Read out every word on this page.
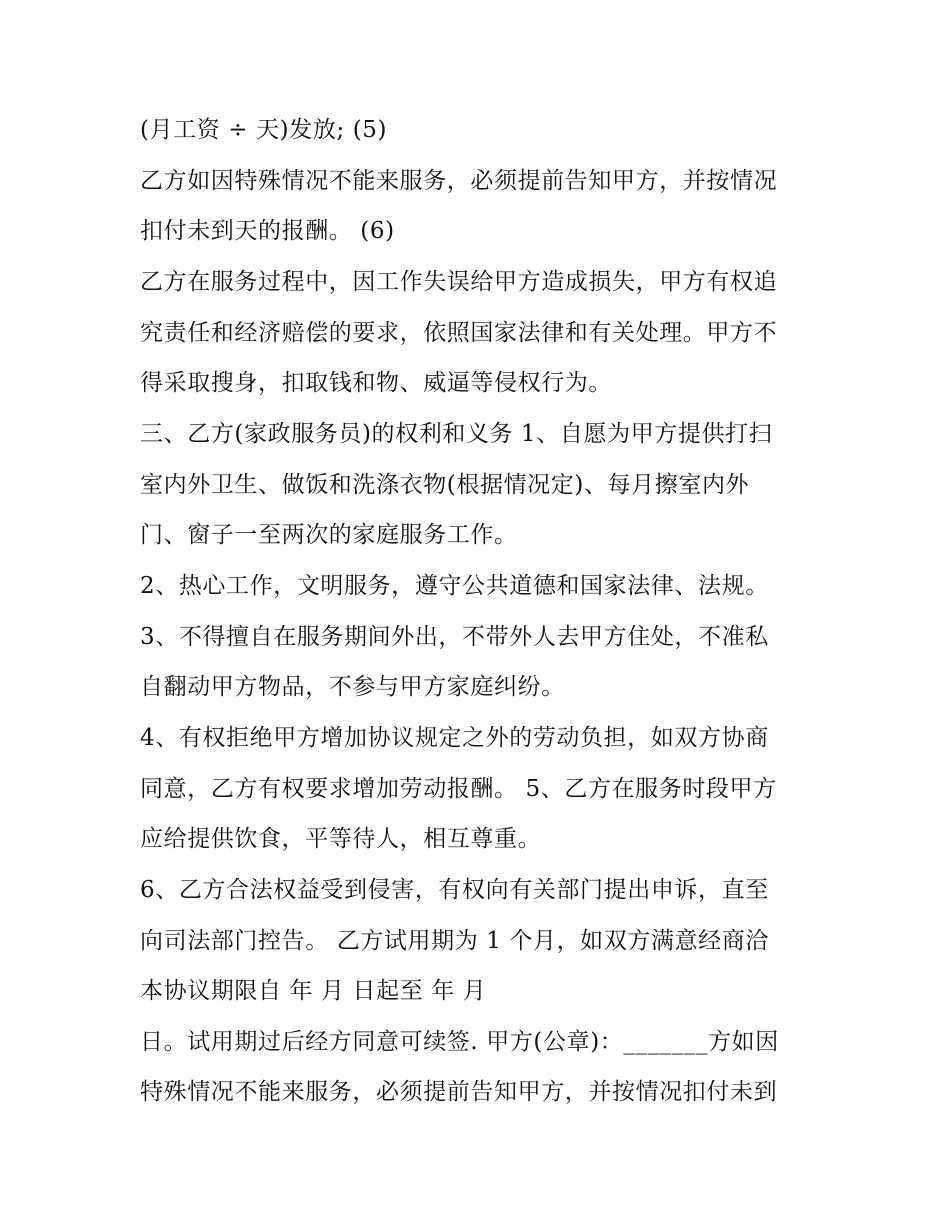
(月工资 ÷ 天)发放; (5)
乙方如因特殊情况不能来服务，必须提前告知甲方，并按情况
扣付未到天的报酬。 (6)
乙方在服务过程中，因工作失误给甲方造成损失，甲方有权追
究责任和经济赔偿的要求，依照国家法律和有关处理。甲方不
得采取搜身，扣取钱和物、威逼等侵权行为。
三、乙方(家政服务员)的权利和义务 1、自愿为甲方提供打扫
室内外卫生、做饭和洗涤衣物(根据情况定)、每月擦室内外
门、窗子一至两次的家庭服务工作。
2、热心工作，文明服务，遵守公共道德和国家法律、法规。
3、不得擅自在服务期间外出，不带外人去甲方住处，不准私
自翻动甲方物品，不参与甲方家庭纠纷。
4、有权拒绝甲方增加协议规定之外的劳动负担，如双方协商
同意，乙方有权要求增加劳动报酬。 5、乙方在服务时段甲方
应给提供饮食，平等待人，相互尊重。
6、乙方合法权益受到侵害，有权向有关部门提出申诉，直至
向司法部门控告。 乙方试用期为 1 个月，如双方满意经商洽
本协议期限自 年 月 日起至 年 月
日。试用期过后经方同意可续签. 甲方(公章)：_______方如因
特殊情况不能来服务，必须提前告知甲方，并按情况扣付未到
